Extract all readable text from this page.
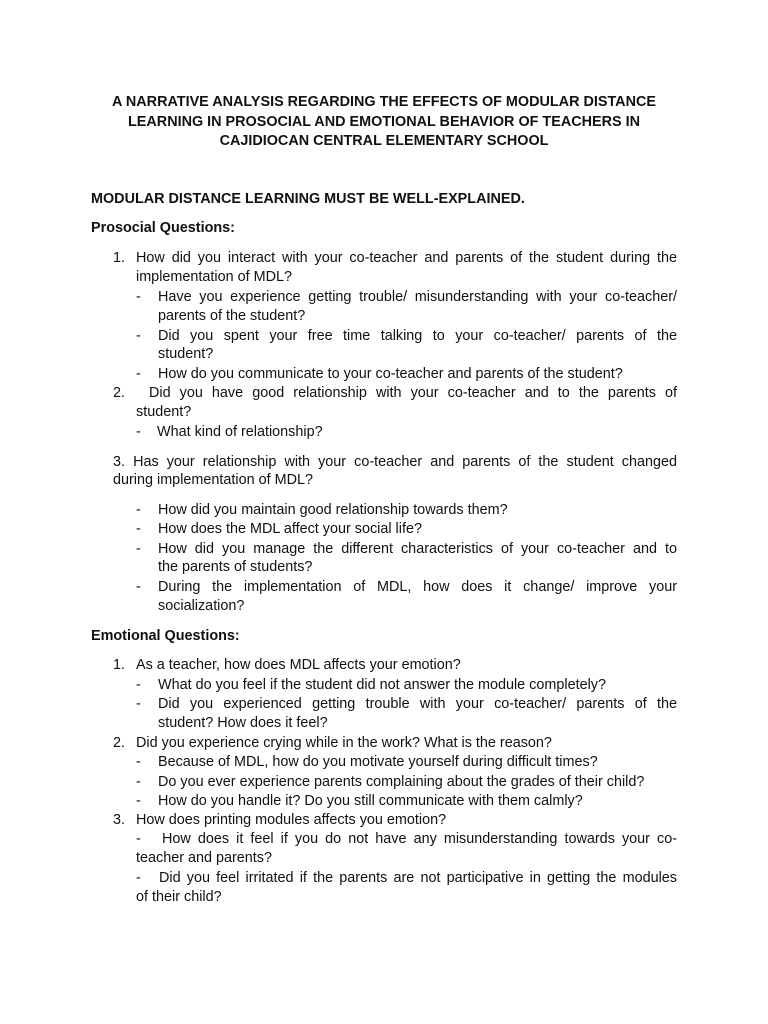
A NARRATIVE ANALYSIS REGARDING THE EFFECTS OF MODULAR DISTANCE
LEARNING IN PROSOCIAL AND EMOTIONAL BEHAVIOR OF TEACHERS IN
CAJIDIOCAN CENTRAL ELEMENTARY SCHOOL
MODULAR DISTANCE LEARNING MUST BE WELL-EXPLAINED.
Prosocial Questions:
1. How did you interact with your co-teacher and parents of the student during the
implementation of MDL?
- Have you experience getting trouble/ misunderstanding with your co-teacher/
parents of the student?
- Did you spent your free time talking to your co-teacher/ parents of the
student?
- How do you communicate to your co-teacher and parents of the student?
2. Did you have good relationship with your co-teacher and to the parents of
student?
- What kind of relationship?
3. Has your relationship with your co-teacher and parents of the student changed
during implementation of MDL?
- How did you maintain good relationship towards them?
- How does the MDL affect your social life?
- How did you manage the different characteristics of your co-teacher and to
the parents of students?
- During the implementation of MDL, how does it change/ improve your
socialization?
Emotional Questions:
1. As a teacher, how does MDL affects your emotion?
- What do you feel if the student did not answer the module completely?
- Did you experienced getting trouble with your co-teacher/ parents of the
student? How does it feel?
2. Did you experience crying while in the work? What is the reason?
- Because of MDL, how do you motivate yourself during difficult times?
- Do you ever experience parents complaining about the grades of their child?
- How do you handle it? Do you still communicate with them calmly?
3. How does printing modules affects you emotion?
- How does it feel if you do not have any misunderstanding towards your co-
teacher and parents?
- Did you feel irritated if the parents are not participative in getting the modules
of their child?
